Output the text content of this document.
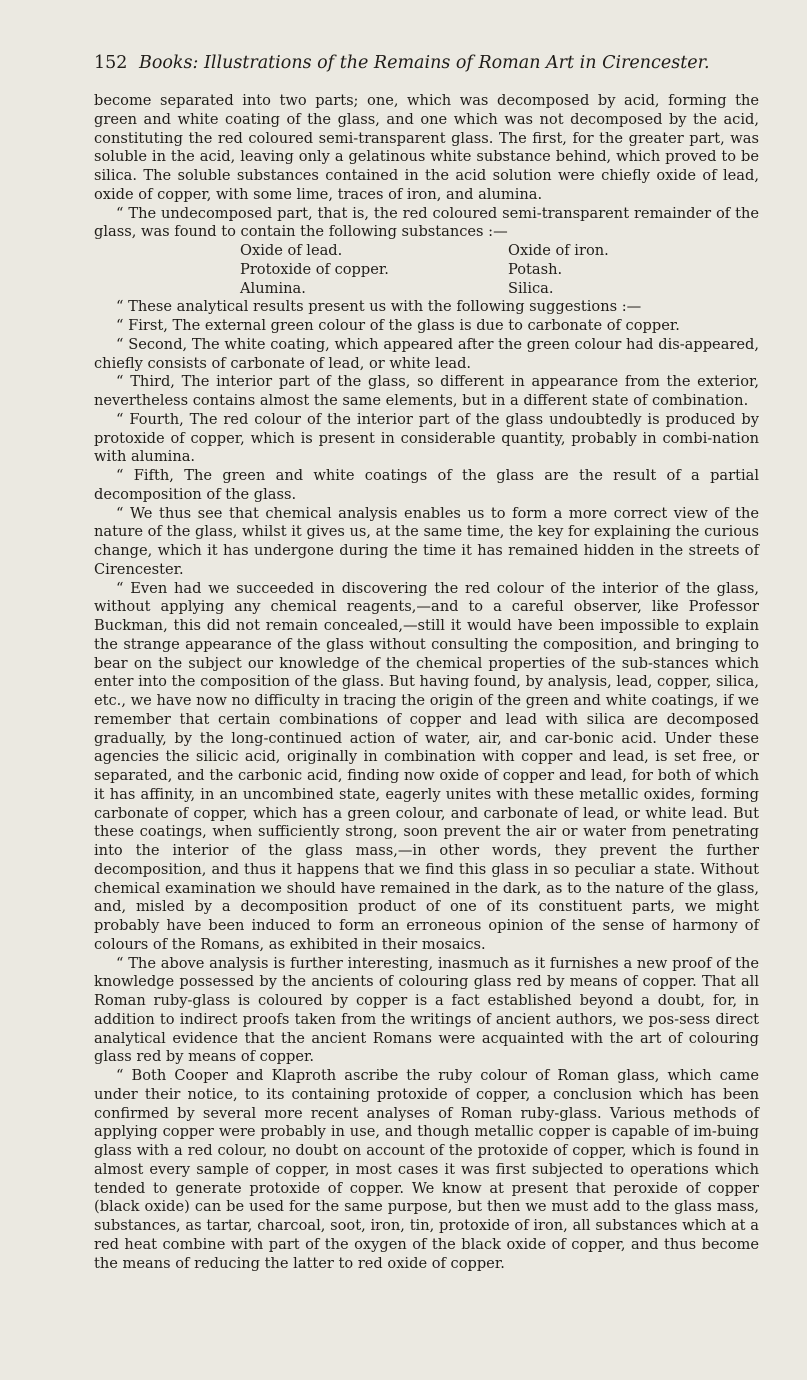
152 Books: Illustrations of the Remains of Roman Art in Cirencester.

become separated into two parts; one, which was decomposed by acid, forming the green and white coating of the glass, and one which was not decomposed by the acid, constituting the red coloured semi-transparent glass. The first, for the greater part, was soluble in the acid, leaving only a gelatinous white substance behind, which proved to be silica. The soluble substances contained in the acid solution were chiefly oxide of lead, oxide of copper, with some lime, traces of iron, and alumina.

“ The undecomposed part, that is, the red coloured semi-transparent remainder of the glass, was found to contain the following substances :—

Oxide of lead.	Oxide of iron.
Protoxide of copper.	Potash.
Alumina.	Silica.

“ These analytical results present us with the following suggestions :—

“ First, The external green colour of the glass is due to carbonate of copper.

“ Second, The white coating, which appeared after the green colour had dis-appeared, chiefly consists of carbonate of lead, or white lead.

“ Third, The interior part of the glass, so different in appearance from the exterior, nevertheless contains almost the same elements, but in a different state of combination.

“ Fourth, The red colour of the interior part of the glass undoubtedly is produced by protoxide of copper, which is present in considerable quantity, probably in combi-nation with alumina.

“ Fifth, The green and white coatings of the glass are the result of a partial decomposition of the glass.

“ We thus see that chemical analysis enables us to form a more correct view of the nature of the glass, whilst it gives us, at the same time, the key for explaining the curious change, which it has undergone during the time it has remained hidden in the streets of Cirencester.

“ Even had we succeeded in discovering the red colour of the interior of the glass, without applying any chemical reagents,—and to a careful observer, like Professor Buckman, this did not remain concealed,—still it would have been impossible to explain the strange appearance of the glass without consulting the composition, and bringing to bear on the subject our knowledge of the chemical properties of the sub-stances which enter into the composition of the glass. But having found, by analysis, lead, copper, silica, etc., we have now no difficulty in tracing the origin of the green and white coatings, if we remember that certain combinations of copper and lead with silica are decomposed gradually, by the long-continued action of water, air, and car-bonic acid. Under these agencies the silicic acid, originally in combination with copper and lead, is set free, or separated, and the carbonic acid, finding now oxide of copper and lead, for both of which it has affinity, in an uncombined state, eagerly unites with these metallic oxides, forming carbonate of copper, which has a green colour, and carbonate of lead, or white lead. But these coatings, when sufficiently strong, soon prevent the air or water from penetrating into the interior of the glass mass,—in other words, they prevent the further decomposition, and thus it happens that we find this glass in so peculiar a state. Without chemical examination we should have remained in the dark, as to the nature of the glass, and, misled by a decomposition product of one of its constituent parts, we might probably have been induced to form an erroneous opinion of the sense of harmony of colours of the Romans, as exhibited in their mosaics.

“ The above analysis is further interesting, inasmuch as it furnishes a new proof of the knowledge possessed by the ancients of colouring glass red by means of copper. That all Roman ruby-glass is coloured by copper is a fact established beyond a doubt, for, in addition to indirect proofs taken from the writings of ancient authors, we pos-sess direct analytical evidence that the ancient Romans were acquainted with the art of colouring glass red by means of copper.

“ Both Cooper and Klaproth ascribe the ruby colour of Roman glass, which came under their notice, to its containing protoxide of copper, a conclusion which has been confirmed by several more recent analyses of Roman ruby-glass. Various methods of applying copper were probably in use, and though metallic copper is capable of im-buing glass with a red colour, no doubt on account of the protoxide of copper, which is found in almost every sample of copper, in most cases it was first subjected to operations which tended to generate protoxide of copper. We know at present that peroxide of copper (black oxide) can be used for the same purpose, but then we must add to the glass mass, substances, as tartar, charcoal, soot, iron, tin, protoxide of iron, all substances which at a red heat combine with part of the oxygen of the black oxide of copper, and thus become the means of reducing the latter to red oxide of copper.
